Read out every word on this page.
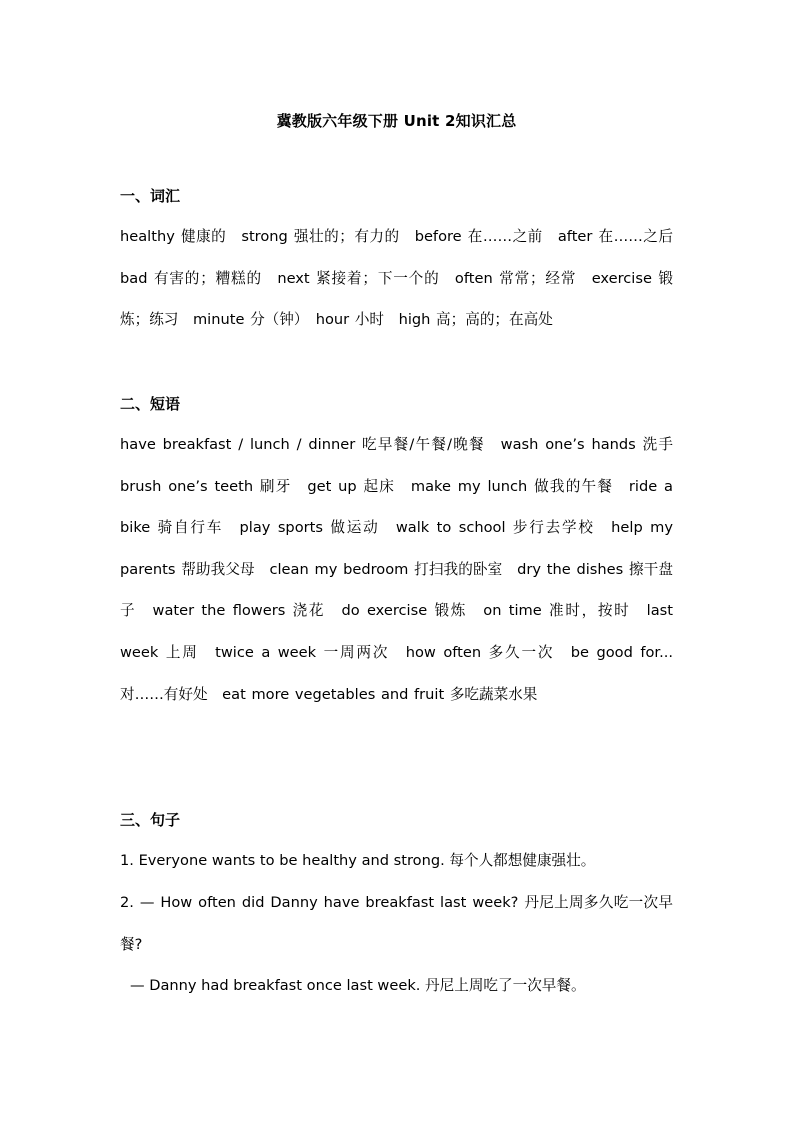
冀教版六年级下册 Unit 2知识汇总
一、词汇
healthy 健康的　strong 强壮的；有力的　before 在……之前　after 在……之后　bad 有害的；糟糕的　next 紧接着；下一个的　often 常常；经常　exercise 锻炼；练习　minute 分（钟）　hour 小时　high 高；高的；在高处
二、短语
have breakfast / lunch / dinner 吃早餐/午餐/晚餐　wash one’s hands 洗手　brush one’s teeth 刷牙　get up 起床　make my lunch 做我的午餐　ride a bike 骑自行车　play sports 做运动　walk to school 步行去学校　help my parents 帮助我父母　clean my bedroom 打扫我的卧室　dry the dishes 擦干盘子　water the flowers 浇花　do exercise 锻炼　on time 准时，按时　last week 上周　twice a week 一周两次　how often 多久一次　be good for...对……有好处　eat more vegetables and fruit 多吃蔬菜水果
三、句子
1. Everyone wants to be healthy and strong. 每个人都想健康强壮。
2. — How often did Danny have breakfast last week? 丹尼上周多久吃一次早餐?
— Danny had breakfast once last week. 丹尼上周吃了一次早餐。
